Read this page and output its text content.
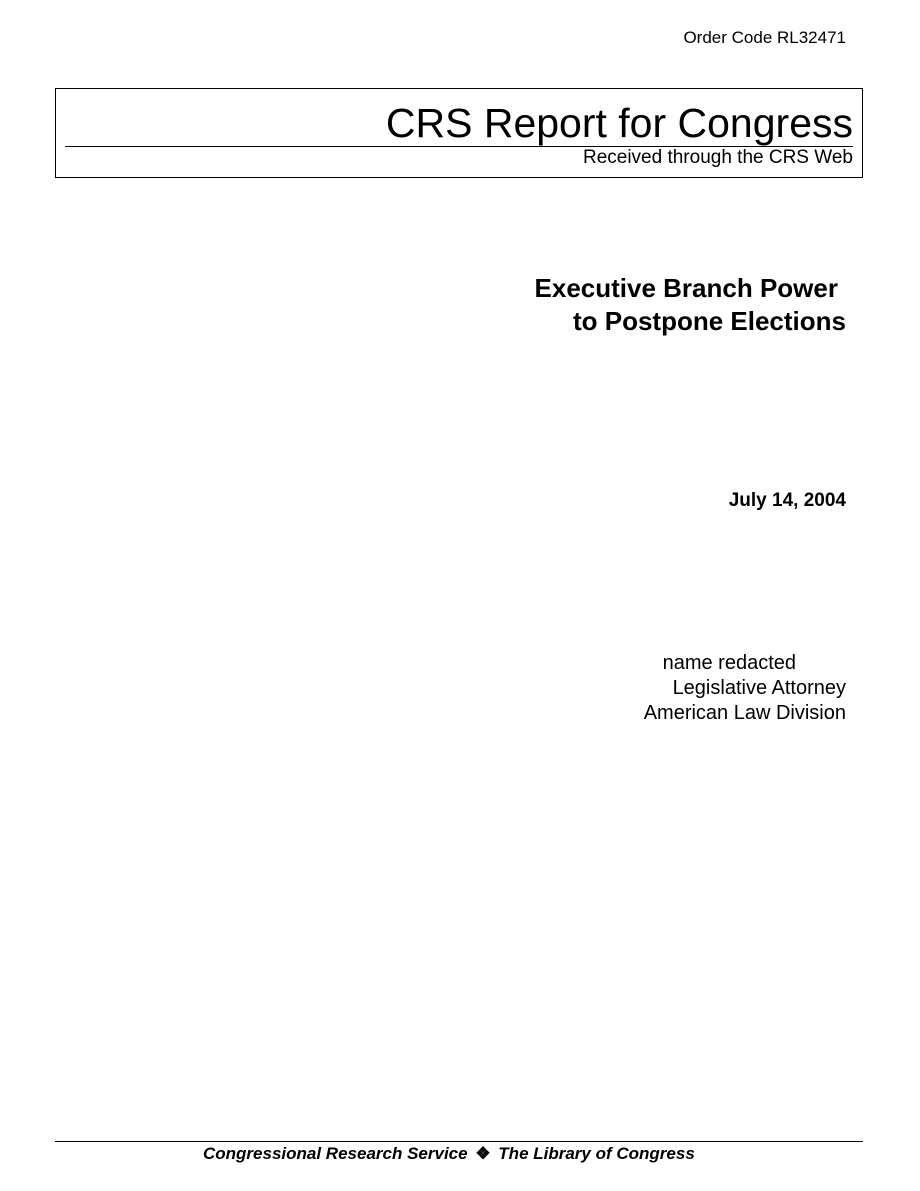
Order Code RL32471
CRS Report for Congress
Received through the CRS Web
Executive Branch Power
to Postpone Elections
July 14, 2004
name redacted
Legislative Attorney
American Law Division
Congressional Research Service ❖ The Library of Congress
